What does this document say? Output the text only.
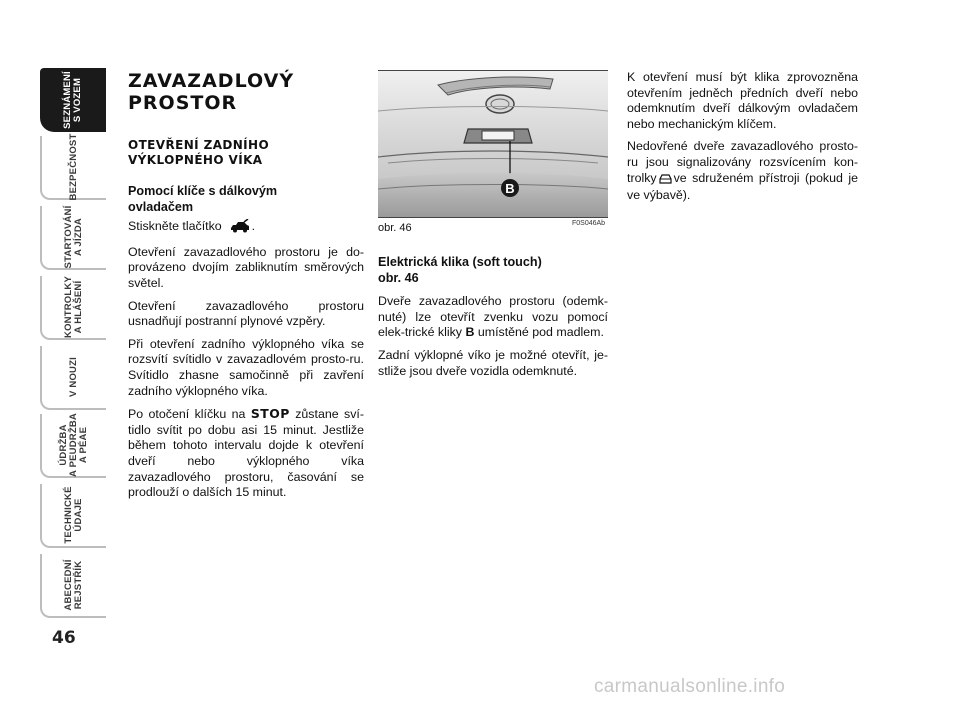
SEZNÁMENÍ
S VOZEM
BEZPEČNOST
STARTOVÁNÍ
A JÍZDA
KONTROLKY
A HLÁŠENÍ
V NOUZI
ÚDRŽBA
A PEUDRŽBA
A PÉAE
TECHNICKÉ
ÚDAJE
ABECEDNÍ
REJSTŘÍK
46
ZAVAZADLOVÝ
PROSTOR
OTEVŘENÍ ZADNÍHO
VÝKLOPNÉHO VÍKA
Pomocí klíče s dálkovým
ovladačem

Stiskněte tlačítko .

Otevření zavazadlového prostoru je do-provázeno dvojím zabliknutím směrových světel.

Otevření zavazadlového prostoru usnadňují postranní plynové vzpěry.

Při otevření zadního výklopného víka se rozsvítí svítidlo v zavazadlovém prosto-ru. Svítidlo zhasne samočinně při zavření zadního výklopného víka.

Po otočení klíčku na STOP zůstane sví-tidlo svítit po dobu asi 15 minut. Jestliže během tohoto intervalu dojde k otevření dveří nebo výklopného víka zavazadlového prostoru, časování se prodlouží o dalších 15 minut.

B
obr. 46	F0S046Ab
Elektrická klika (soft touch)
obr. 46

Dveře zavazadlového prostoru (odemk-nuté) lze otevřít zvenku vozu pomocí elek-trické kliky B umístěné pod madlem.

Zadní výklopné víko je možné otevřít, je-stliže jsou dveře vozidla odemknuté.

K otevření musí být klika zprovozněna otevřením jedněch předních dveří nebo odemknutím dveří dálkovým ovladačem nebo mechanickým klíčem.

Nedovřené dveře zavazadlového prosto-ru jsou signalizovány rozsvícením kon-trolky ve sdruženém přístroji (pokud je ve výbavě).

carmanualsonline.info
